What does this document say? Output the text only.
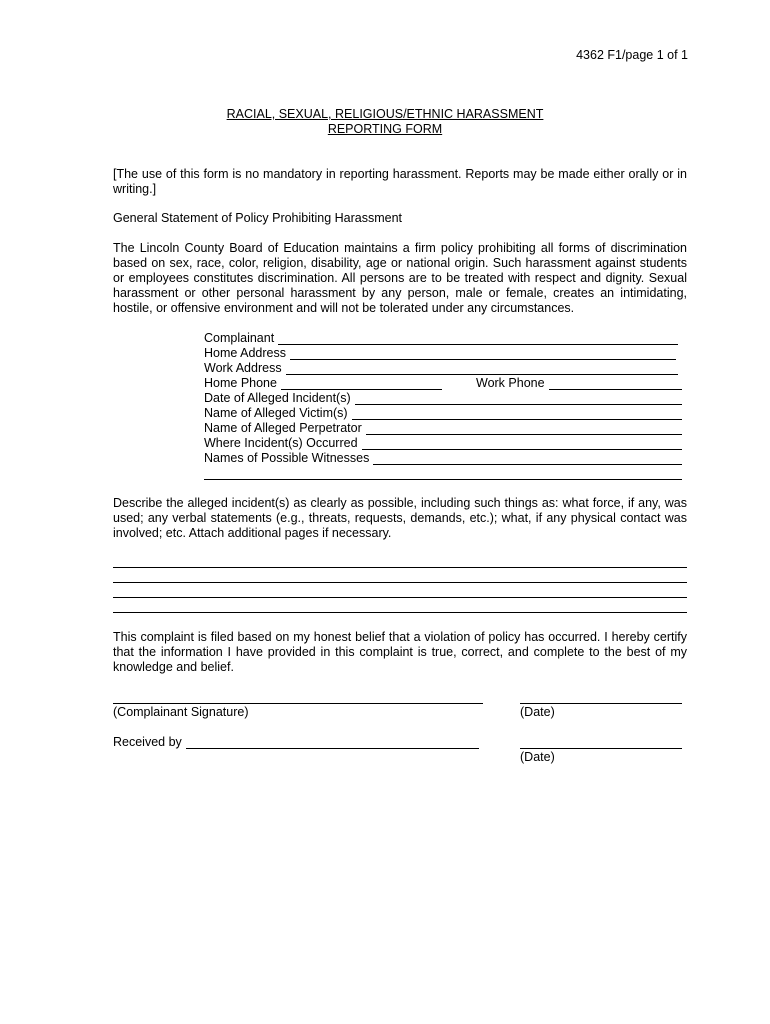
4362 F1/page 1 of 1
RACIAL, SEXUAL, RELIGIOUS/ETHNIC HARASSMENT
REPORTING FORM

[The use of this form is no mandatory in reporting harassment. Reports may be made either orally or in writing.]

General Statement of Policy Prohibiting Harassment

The Lincoln County Board of Education maintains a firm policy prohibiting all forms of discrimination based on sex, race, color, religion, disability, age or national origin. Such harassment against students or employees constitutes discrimination. All persons are to be treated with respect and dignity. Sexual harassment or other personal harassment by any person, male or female, creates an intimidating, hostile, or offensive environment and will not be tolerated under any circumstances.

Complainant
Home Address
Work Address
Home Phone	Work Phone
Date of Alleged Incident(s)
Name of Alleged Victim(s)
Name of Alleged Perpetrator
Where Incident(s) Occurred
Names of Possible Witnesses

Describe the alleged incident(s) as clearly as possible, including such things as: what force, if any, was used; any verbal statements (e.g., threats, requests, demands, etc.); what, if any physical contact was involved; etc. Attach additional pages if necessary.

This complaint is filed based on my honest belief that a violation of policy has occurred. I hereby certify that the information I have provided in this complaint is true, correct, and complete to the best of my knowledge and belief.

(Complainant Signature)	(Date)
Received by
(Date)
